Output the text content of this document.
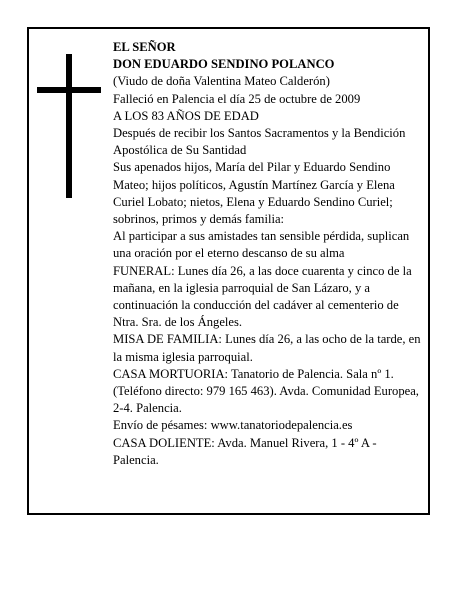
EL SEÑOR

DON EDUARDO SENDINO POLANCO

(Viudo de doña Valentina Mateo Calderón)

Falleció en Palencia el día 25 de octubre de 2009

A LOS 83 AÑOS DE EDAD

Después de recibir los Santos Sacramentos y la Bendición Apostólica de Su Santidad

Sus apenados hijos, María del Pilar y Eduardo Sendino Mateo; hijos políticos, Agustín Martínez García y Elena Curiel Lobato; nietos, Elena y Eduardo Sendino Curiel; sobrinos, primos y demás familia:

Al participar a sus amistades tan sensible pérdida, suplican una oración por el eterno descanso de su alma

FUNERAL: Lunes día 26, a las doce cuarenta y cinco de la mañana, en la iglesia parroquial de San Lázaro, y a continuación la conducción del cadáver al cementerio de Ntra. Sra. de los Ángeles.

MISA DE FAMILIA: Lunes día 26, a las ocho de la tarde, en la misma iglesia parroquial.

CASA MORTUORIA: Tanatorio de Palencia. Sala nº 1. (Teléfono directo: 979 165 463). Avda. Comunidad Europea, 2-4. Palencia.

Envío de pésames: www.tanatoriodepalencia.es

CASA DOLIENTE: Avda. Manuel Rivera, 1 - 4º A - Palencia.
